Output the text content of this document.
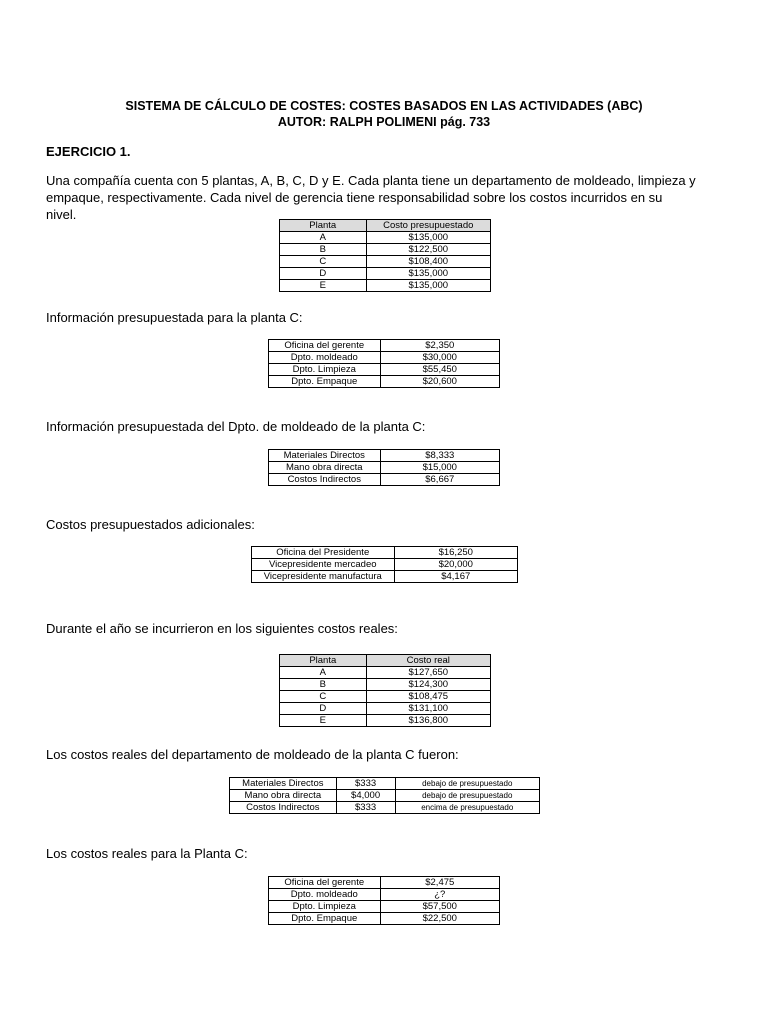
SISTEMA DE CÁLCULO DE COSTES: COSTES BASADOS EN LAS ACTIVIDADES (ABC)
AUTOR: RALPH POLIMENI pág. 733
EJERCICIO 1.
Una compañía cuenta con 5 plantas, A, B, C, D y E. Cada planta tiene un departamento de moldeado, limpieza y empaque, respectivamente. Cada nivel de gerencia tiene responsabilidad sobre los costos incurridos en su nivel.
Planta	Costo presupuestado
A	$135,000
B	$122,500
C	$108,400
D	$135,000
E	$135,000
Información presupuestada para la planta C:
Oficina del gerente	$2,350
Dpto. moldeado	$30,000
Dpto. Limpieza	$55,450
Dpto. Empaque	$20,600
Información presupuestada del Dpto. de moldeado de la planta C:
Materiales Directos	$8,333
Mano obra directa	$15,000
Costos Indirectos	$6,667
Costos presupuestados adicionales:
Oficina del Presidente	$16,250
Vicepresidente mercadeo	$20,000
Vicepresidente manufactura	$4,167
Durante el año se incurrieron en los siguientes costos reales:
Planta	Costo real
A	$127,650
B	$124,300
C	$108,475
D	$131,100
E	$136,800
Los costos reales del departamento de moldeado de la planta C fueron:
Materiales Directos	$333	debajo de presupuestado
Mano obra directa	$4,000	debajo de presupuestado
Costos Indirectos	$333	encima de presupuestado
Los costos reales para la Planta C:
Oficina del gerente	$2,475
Dpto. moldeado	¿?
Dpto. Limpieza	$57,500
Dpto. Empaque	$22,500
